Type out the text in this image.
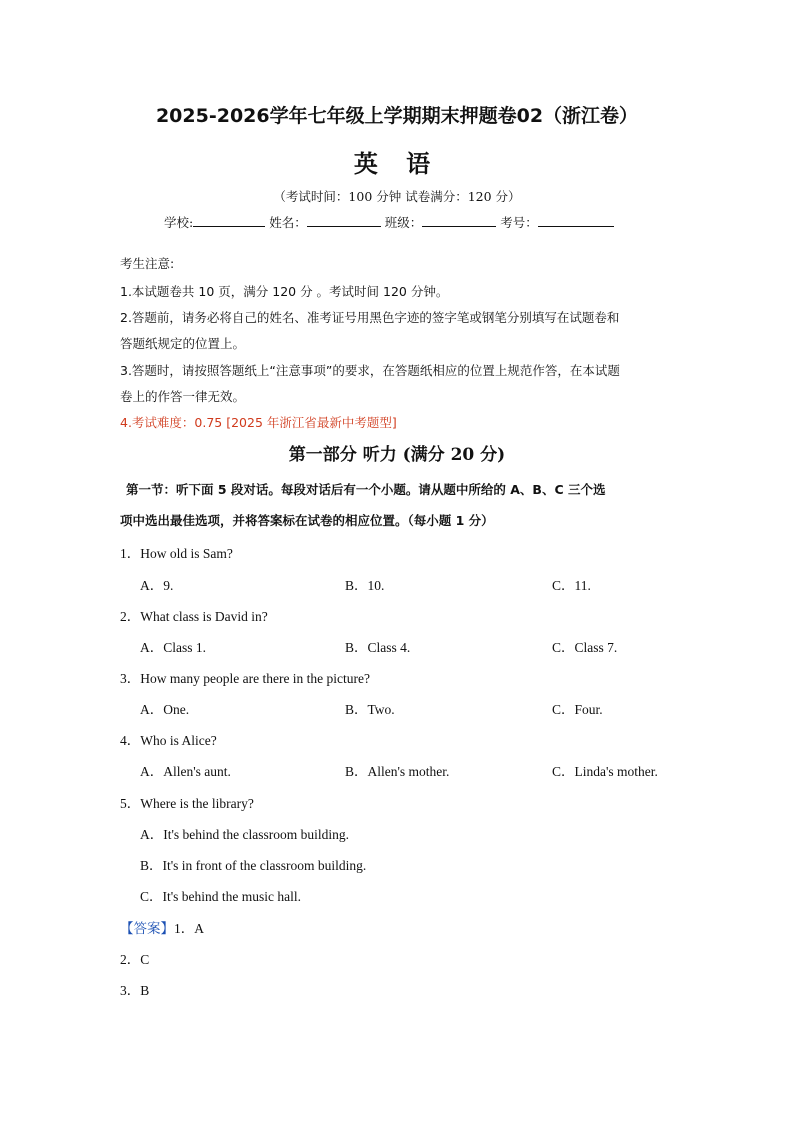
2025-2026学年七年级上学期期末押题卷02（浙江卷）
英 语
（考试时间：100 分钟 试卷满分：120 分）
学校:	姓名：	班级：	考号：
考生注意:
1.本试题卷共 10 页，满分 120 分 。考试时间 120 分钟。
2.答题前，请务必将自己的姓名、准考证号用黑色字迹的签字笔或钢笔分别填写在试题卷和
答题纸规定的位置上。
3.答题时，请按照答题纸上“注意事项”的要求，在答题纸相应的位置上规范作答，在本试题
卷上的作答一律无效。
4.考试难度：0.75 [2025 年浙江省最新中考题型]
第一部分 听力 (满分 20 分)
第一节：听下面 5 段对话。每段对话后有一个小题。请从题中所给的 A、B、C 三个选
项中选出最佳选项，并将答案标在试卷的相应位置。（每小题 1 分）
1．How old is Sam?
A．9.	B．10.	C．11.
2．What class is David in?
A．Class 1.	B．Class 4.	C．Class 7.
3．How many people are there in the picture?
A．One.	B．Two.	C．Four.
4．Who is Alice?
A．Allen's aunt.	B．Allen's mother.	C．Linda's mother.
5．Where is the library?
A．It's behind the classroom building.
B．It's in front of the classroom building.
C．It's behind the music hall.
【答案】1．A
2．C
3．B
